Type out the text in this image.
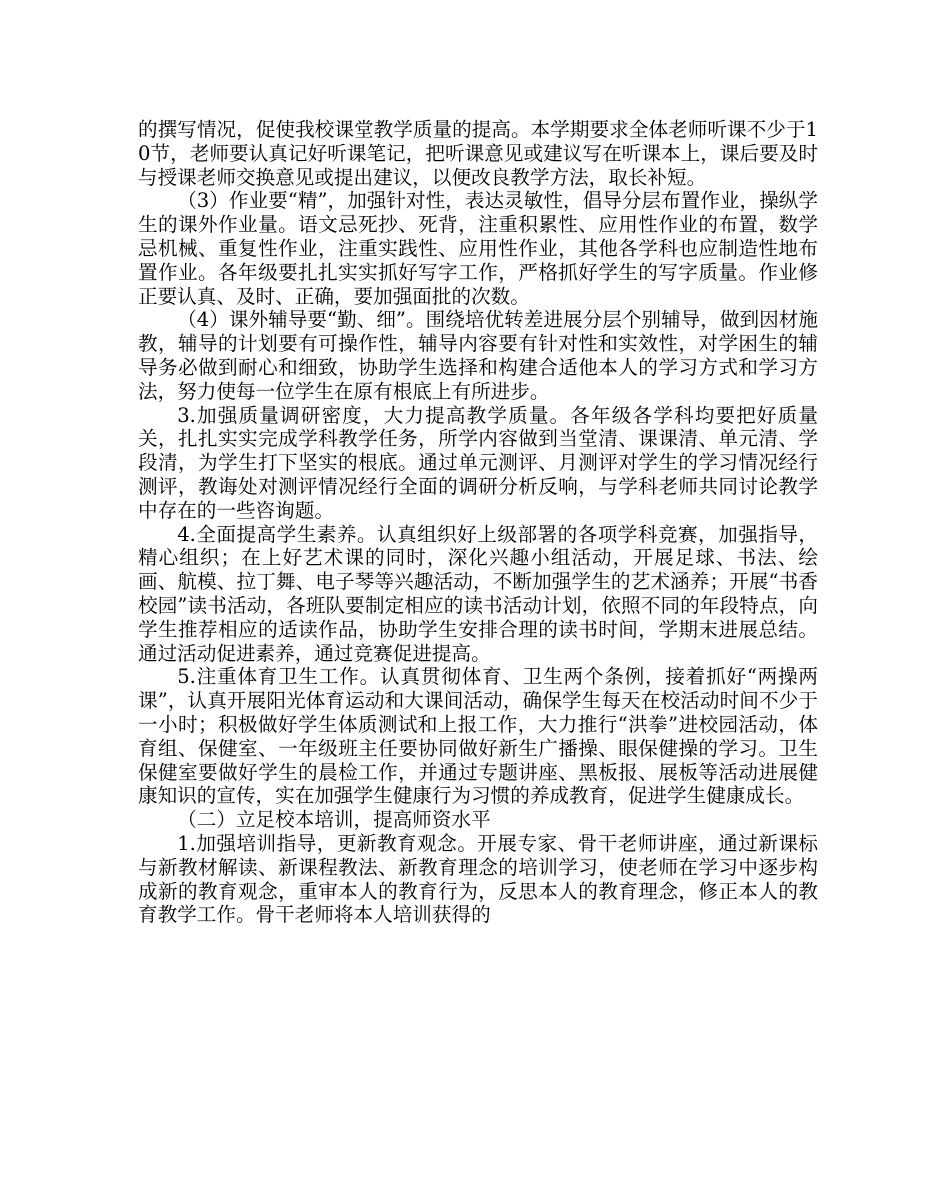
的撰写情况，促使我校课堂教学质量的提高。本学期要求全体老师听课不少于10节，老师要认真记好听课笔记，把听课意见或建议写在听课本上，课后要及时与授课老师交换意见或提出建议，以便改良教学方法，取长补短。

（3）作业要“精”，加强针对性，表达灵敏性，倡导分层布置作业，操纵学生的课外作业量。语文忌死抄、死背，注重积累性、应用性作业的布置，数学忌机械、重复性作业，注重实践性、应用性作业，其他各学科也应制造性地布置作业。各年级要扎扎实实抓好写字工作，严格抓好学生的写字质量。作业修正要认真、及时、正确，要加强面批的次数。

（4）课外辅导要“勤、细”。围绕培优转差进展分层个别辅导，做到因材施教，辅导的计划要有可操作性，辅导内容要有针对性和实效性，对学困生的辅导务必做到耐心和细致，协助学生选择和构建合适他本人的学习方式和学习方法，努力使每一位学生在原有根底上有所进步。

3.加强质量调研密度，大力提高教学质量。各年级各学科均要把好质量关，扎扎实实完成学科教学任务，所学内容做到当堂清、课课清、单元清、学段清，为学生打下坚实的根底。通过单元测评、月测评对学生的学习情况经行测评，教诲处对测评情况经行全面的调研分析反响，与学科老师共同讨论教学中存在的一些咨询题。

4.全面提高学生素养。认真组织好上级部署的各项学科竞赛，加强指导，精心组织；在上好艺术课的同时，深化兴趣小组活动，开展足球、书法、绘画、航模、拉丁舞、电子琴等兴趣活动，不断加强学生的艺术涵养；开展“书香校园”读书活动，各班队要制定相应的读书活动计划，依照不同的年段特点，向学生推荐相应的适读作品，协助学生安排合理的读书时间，学期末进展总结。通过活动促进素养，通过竞赛促进提高。

5.注重体育卫生工作。认真贯彻体育、卫生两个条例，接着抓好“两操两课”，认真开展阳光体育运动和大课间活动，确保学生每天在校活动时间不少于一小时；积极做好学生体质测试和上报工作，大力推行“洪拳”进校园活动，体育组、保健室、一年级班主任要协同做好新生广播操、眼保健操的学习。卫生保健室要做好学生的晨检工作，并通过专题讲座、黑板报、展板等活动进展健康知识的宣传，实在加强学生健康行为习惯的养成教育，促进学生健康成长。

（二）立足校本培训，提高师资水平

1.加强培训指导，更新教育观念。开展专家、骨干老师讲座，通过新课标与新教材解读、新课程教法、新教育理念的培训学习，使老师在学习中逐步构成新的教育观念，重审本人的教育行为，反思本人的教育理念，修正本人的教育教学工作。骨干老师将本人培训获得的
